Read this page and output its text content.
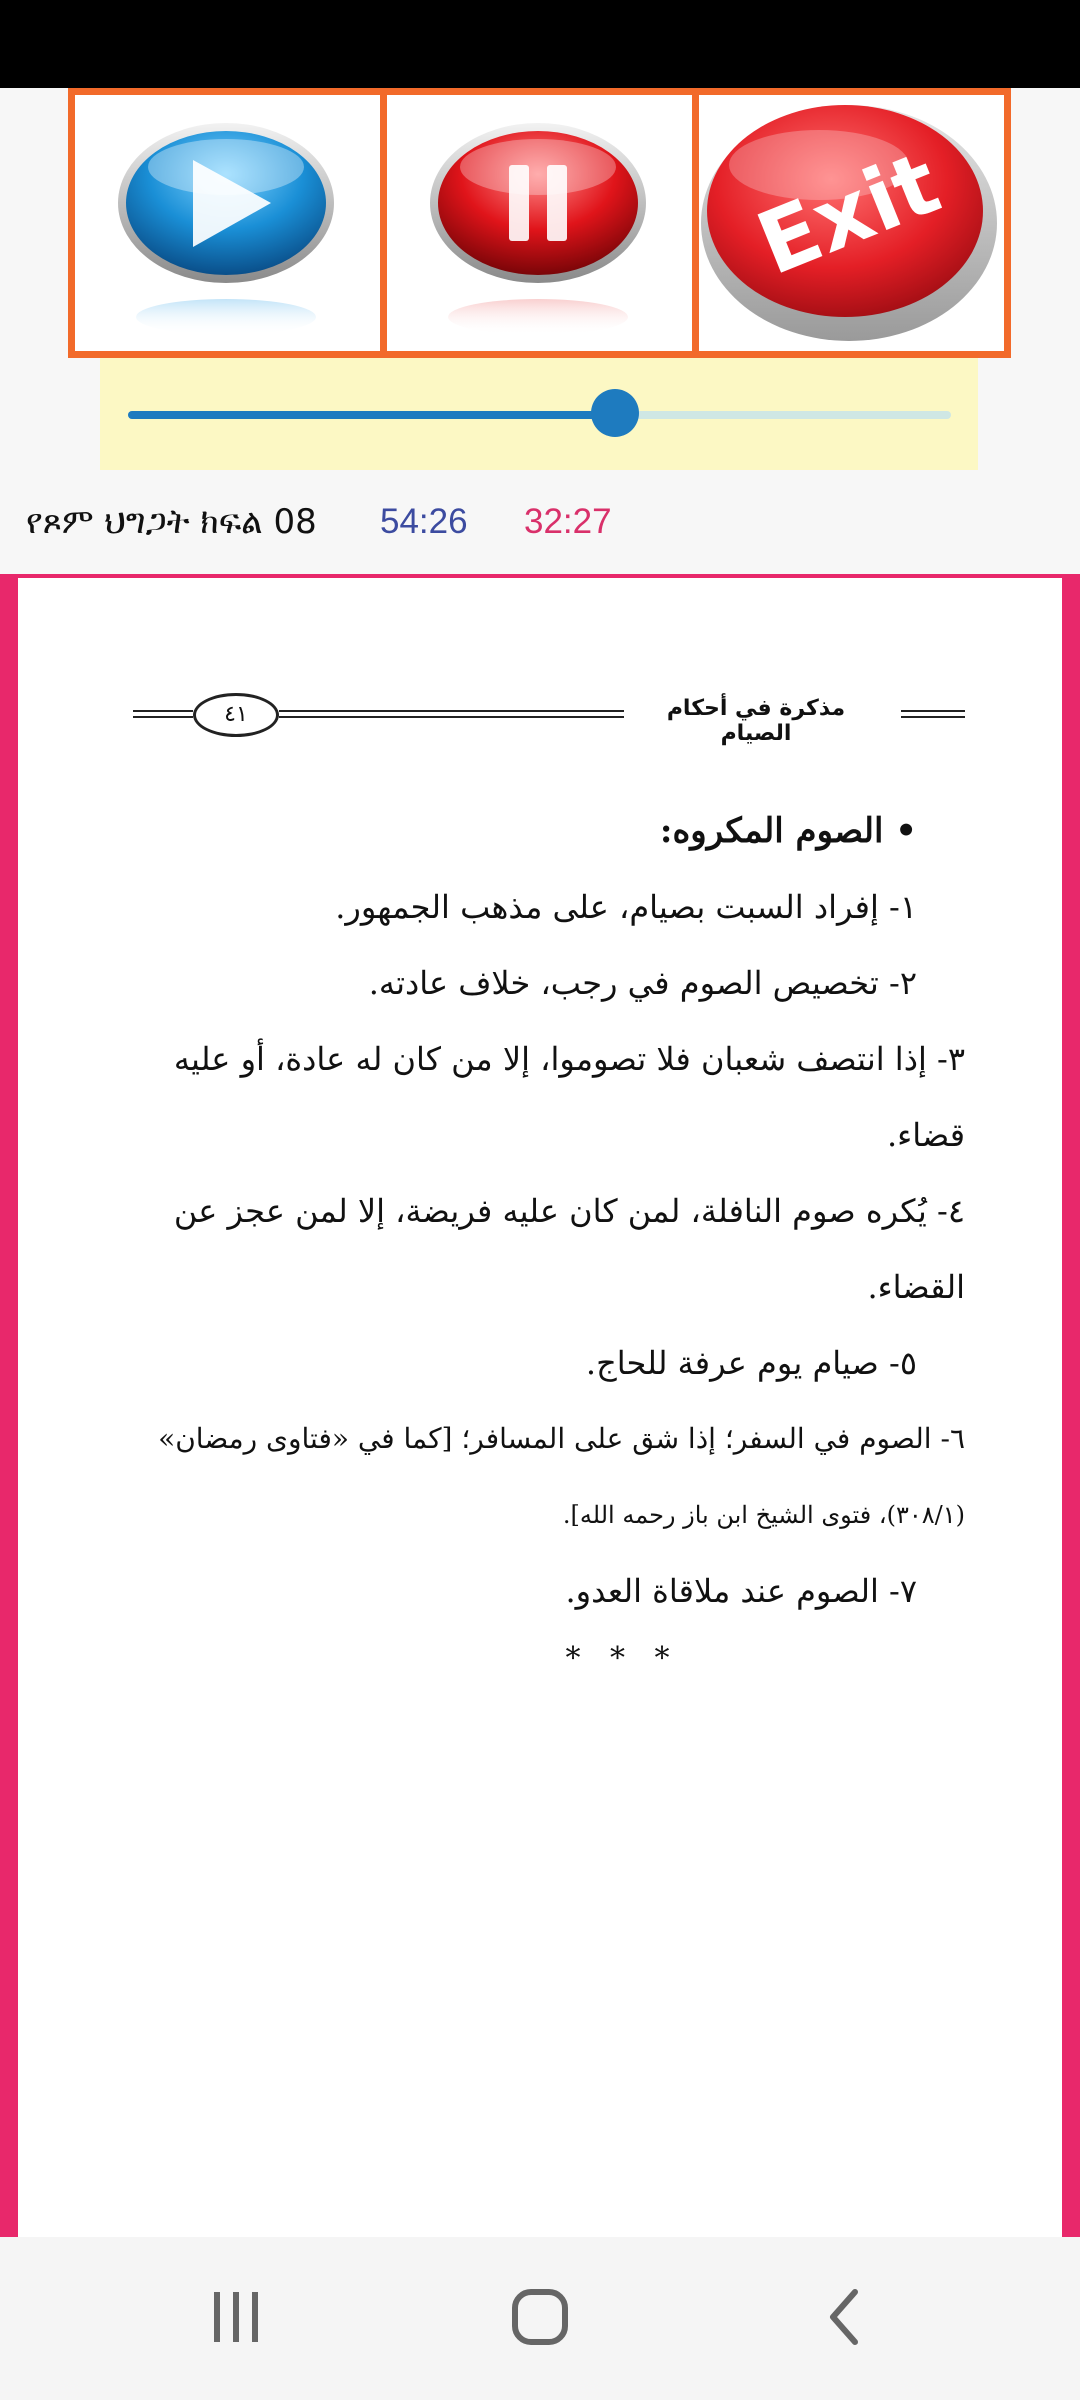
Exit
የጾም ህግጋት ክፍል 08 54:26 32:27
٤١	مذكرة في أحكام الصيام
• الصوم المكروه:
١- إفراد السبت بصيام، على مذهب الجمهور.
٢- تخصيص الصوم في رجب، خلاف عادته.
٣- إذا انتصف شعبان فلا تصوموا، إلا من كان له عادة، أو عليه
قضاء.
٤- يُكره صوم النافلة، لمن كان عليه فريضة، إلا لمن عجز عن
القضاء.
٥- صيام يوم عرفة للحاج.
٦- الصوم في السفر؛ إذا شق على المسافر؛ [كما في «فتاوى رمضان»
(٣٠٨/١)، فتوى الشيخ ابن باز رحمه الله].
٧- الصوم عند ملاقاة العدو.
* * *
